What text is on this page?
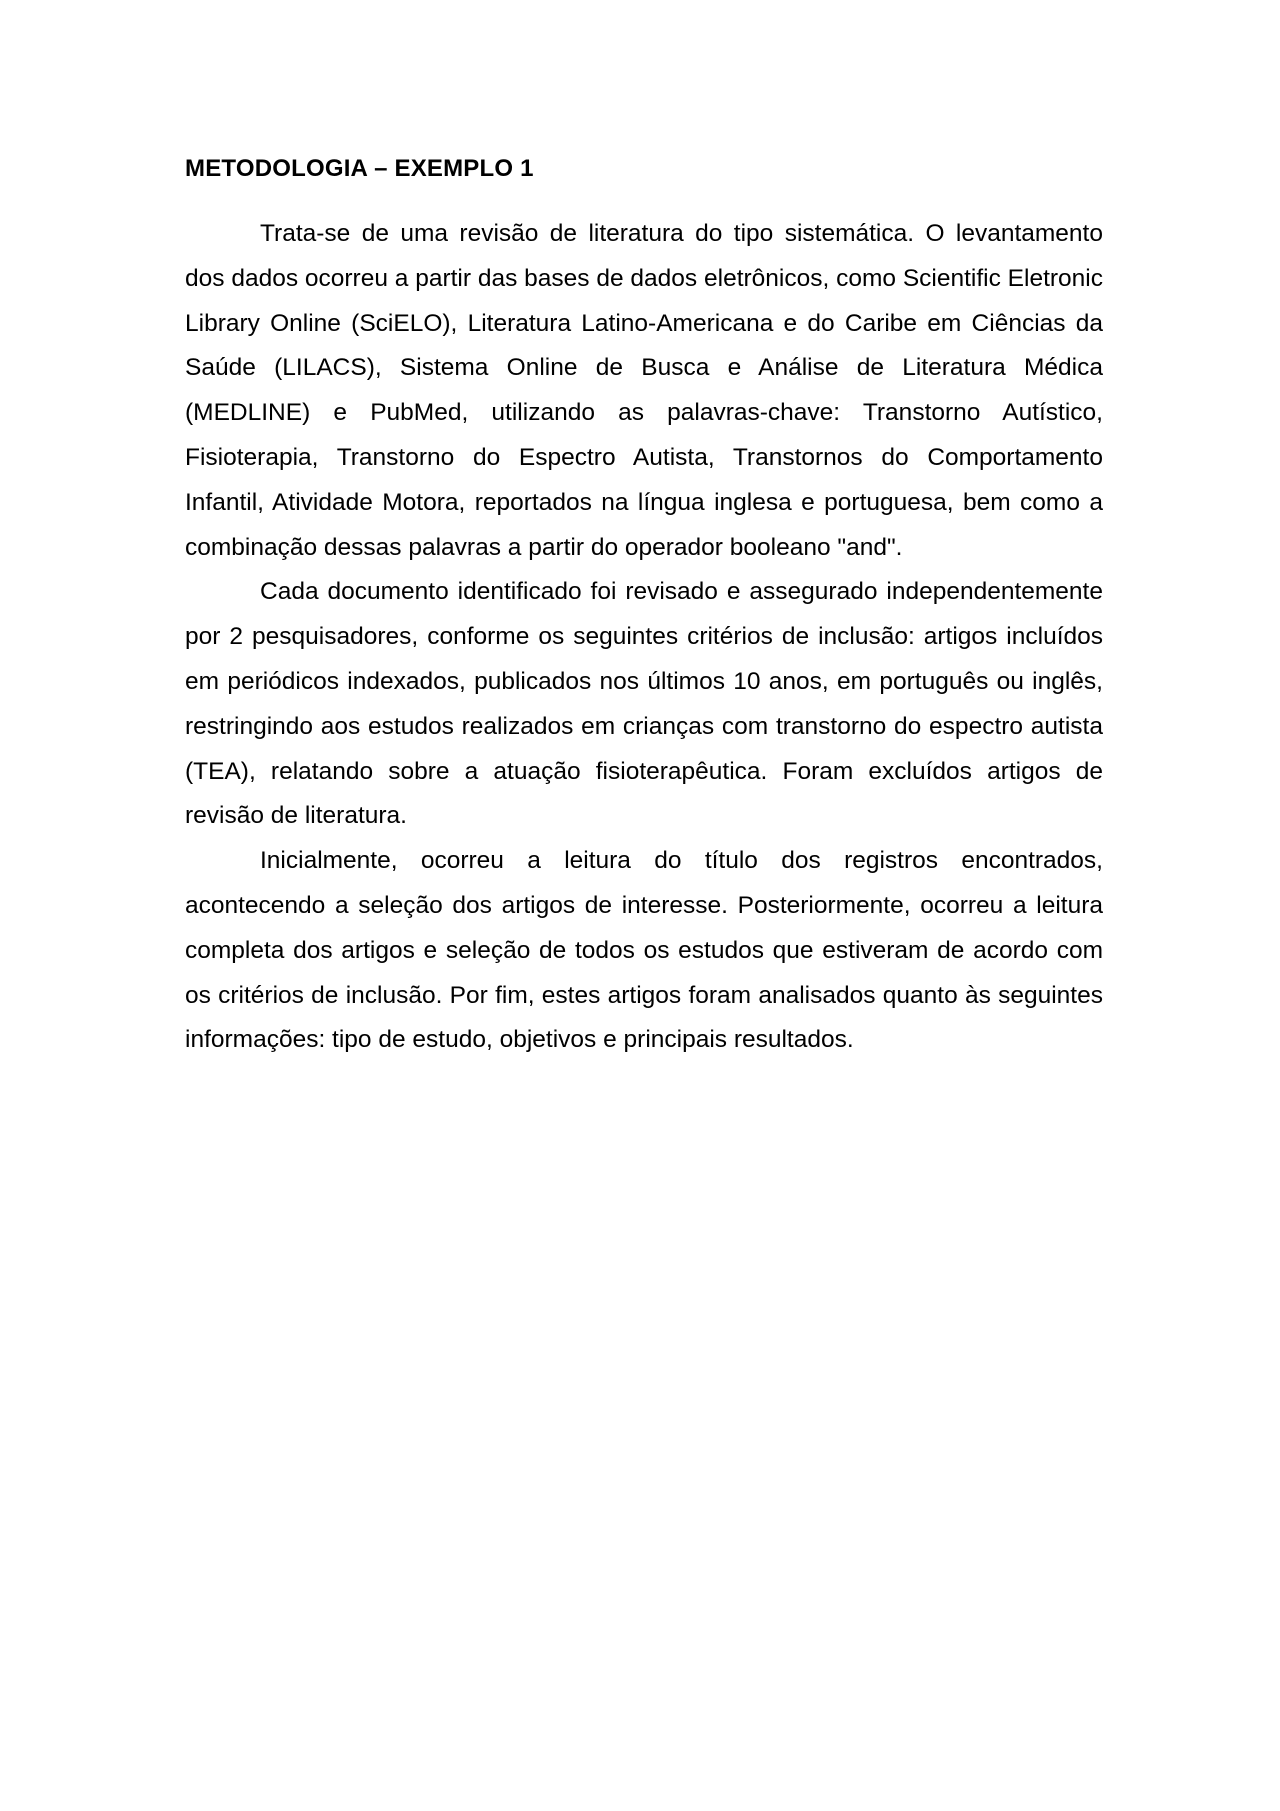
METODOLOGIA – EXEMPLO 1

Trata-se de uma revisão de literatura do tipo sistemática. O levantamento dos dados ocorreu a partir das bases de dados eletrônicos, como Scientific Eletronic Library Online (SciELO), Literatura Latino-Americana e do Caribe em Ciências da Saúde (LILACS), Sistema Online de Busca e Análise de Literatura Médica (MEDLINE) e PubMed, utilizando as palavras-chave: Transtorno Autístico, Fisioterapia, Transtorno do Espectro Autista, Transtornos do Comportamento Infantil, Atividade Motora, reportados na língua inglesa e portuguesa, bem como a combinação dessas palavras a partir do operador booleano "and".

Cada documento identificado foi revisado e assegurado independentemente por 2 pesquisadores, conforme os seguintes critérios de inclusão: artigos incluídos em periódicos indexados, publicados nos últimos 10 anos, em português ou inglês, restringindo aos estudos realizados em crianças com transtorno do espectro autista (TEA), relatando sobre a atuação fisioterapêutica. Foram excluídos artigos de revisão de literatura.

Inicialmente, ocorreu a leitura do título dos registros encontrados, acontecendo a seleção dos artigos de interesse. Posteriormente, ocorreu a leitura completa dos artigos e seleção de todos os estudos que estiveram de acordo com os critérios de inclusão. Por fim, estes artigos foram analisados quanto às seguintes informações: tipo de estudo, objetivos e principais resultados.
